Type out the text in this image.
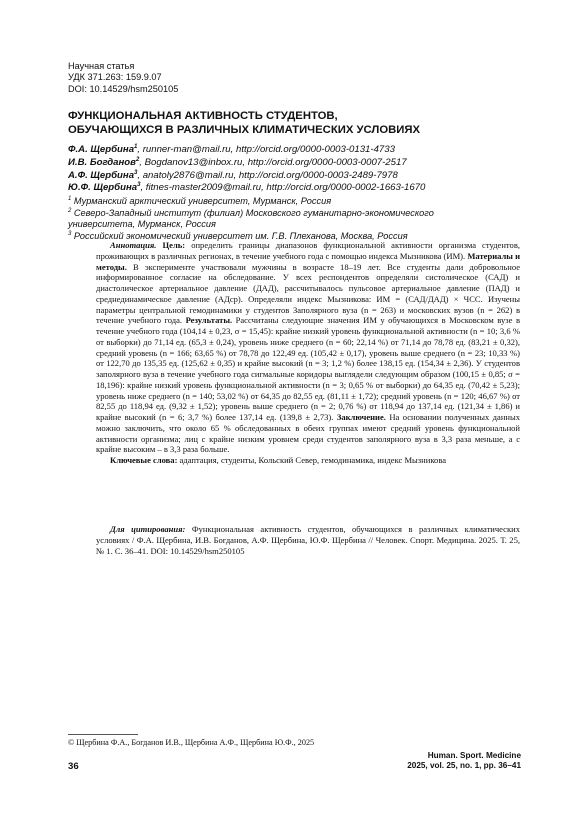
Научная статья
УДК 371.263: 159.9.07
DOI: 10.14529/hsm250105
ФУНКЦИОНАЛЬНАЯ АКТИВНОСТЬ СТУДЕНТОВ,
ОБУЧАЮЩИХСЯ В РАЗЛИЧНЫХ КЛИМАТИЧЕСКИХ УСЛОВИЯХ
Ф.А. Щербина$^1$, runner-man@mail.ru, http://orcid.org/0000-0003-0131-4733
И.В. Богданов$^2$, Bogdanov13@inbox.ru, http://orcid.org/0000-0003-0007-2517
А.Ф. Щербина$^3$, anatoly2876@mail.ru, http://orcid.org/0000-0003-2489-7978
Ю.Ф. Щербина$^3$, fitnes-master2009@mail.ru, http://orcid.org/0000-0002-1663-1670

$^1$ Мурманский арктический университет, Мурманск, Россия

$^2$ Северо-Западный институт (филиал) Московского гуманитарно-экономического университета, Мурманск, Россия

$^3$ Российский экономический университет им. Г.В. Плеханова, Москва, Россия

Аннотация. Цель: определить границы диапазонов функциональной активности организма студентов, проживающих в различных регионах, в течение учебного года с помощью индекса Мызникова (ИМ). Материалы и методы. В эксперименте участвовали мужчины в возрасте 18–19 лет. Все студенты дали добровольное информированное согласие на обследование. У всех респондентов определяли систолическое (САД) и диастолическое артериальное давление (ДАД), рассчитывалось пульсовое артериальное давление (ПАД) и среднединамическое давление (АДср). Определяли индекс Мызникова: ИМ = (САД/ДАД) × ЧСС. Изучены параметры центральной гемодинамики у студентов Заполярного вуза (n = 263) и московских вузов (n = 262) в течение учебного года. Результаты. Рассчитаны следующие значения ИМ у обучающихся в Московском вузе в течение учебного года (104,14 ± 0,23, σ = 15,45): крайне низкий уровень функциональной активности (n = 10; 3,6 % от выборки) до 71,14 ед. (65,3 ± 0,24), уровень ниже среднего (n = 60; 22,14 %) от 71,14 до 78,78 ед. (83,21 ± 0,32), средний уровень (n = 166; 63,65 %) от 78,78 до 122,49 ед. (105,42 ± 0,17), уровень выше среднего (n = 23; 10,33 %) от 122,70 до 135,35 ед. (125,62 ± 0,35) и крайне высокий (n = 3; 1,2 %) более 138,15 ед. (154,34 ± 2,36). У студентов заполярного вуза в течение учебного года сигмальные коридоры выглядели следующим образом (100,15 ± 0,85; σ = 18,196): крайне низкий уровень функциональной активности (n = 3; 0,65 % от выборки) до 64,35 ед. (70,42 ± 5,23); уровень ниже среднего (n = 140; 53,02 %) от 64,35 до 82,55 ед. (81,11 ± 1,72); средний уровень (n = 120; 46,67 %) от 82,55 до 118,94 ед. (9,32 ± 1,52); уровень выше среднего (n = 2; 0,76 %) от 118,94 до 137,14 ед. (121,34 ± 1,86) и крайне высокий (n = 6; 3,7 %) более 137,14 ед. (139,8 ± 2,73). Заключение. На основании полученных данных можно заключить, что около 65 % обследованных в обеих группах имеют средний уровень функциональной активности организма; лиц с крайне низким уровнем среди студентов заполярного вуза в 3,3 раза меньше, а с крайне высоким – в 3,3 раза больше.

Ключевые слова: адаптация, студенты, Кольский Север, гемодинамика, индекс Мызникова

Для цитирования: Функциональная активность студентов, обучающихся в различных климатических условиях / Ф.А. Щербина, И.В. Богданов, А.Ф. Щербина, Ю.Ф. Щербина // Человек. Спорт. Медицина. 2025. Т. 25, № 1. С. 36–41. DOI: 10.14529/hsm250105

© Щербина Ф.А., Богданов И.В., Щербина А.Ф., Щербина Ю.Ф., 2025
36
Human. Sport. Medicine
2025, vol. 25, no. 1, pp. 36–41
